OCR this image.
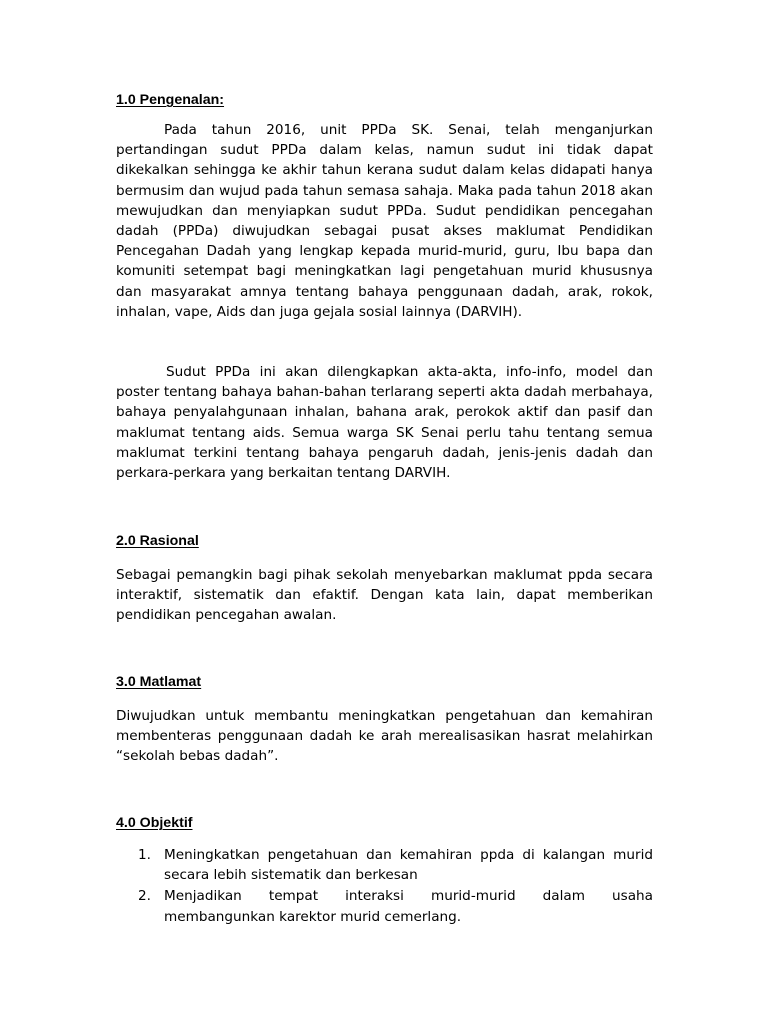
1.0 Pengenalan:

Pada tahun 2016, unit PPDa SK. Senai, telah menganjurkan pertandingan sudut PPDa dalam kelas, namun sudut ini tidak dapat dikekalkan sehingga ke akhir tahun kerana sudut dalam kelas didapati hanya bermusim dan wujud pada tahun semasa sahaja. Maka pada tahun 2018 akan mewujudkan dan menyiapkan sudut PPDa. Sudut pendidikan pencegahan dadah (PPDa) diwujudkan sebagai pusat akses maklumat Pendidikan Pencegahan Dadah yang lengkap kepada murid-murid, guru, Ibu bapa dan komuniti setempat bagi meningkatkan lagi pengetahuan murid khususnya dan masyarakat amnya tentang bahaya penggunaan dadah, arak, rokok, inhalan, vape, Aids dan juga gejala sosial lainnya (DARVIH).

Sudut PPDa ini akan dilengkapkan akta-akta, info-info, model dan poster tentang bahaya bahan-bahan terlarang seperti akta dadah merbahaya, bahaya penyalahgunaan inhalan, bahana arak, perokok aktif dan pasif dan maklumat tentang aids. Semua warga SK Senai perlu tahu tentang semua maklumat terkini tentang bahaya pengaruh dadah, jenis-jenis dadah dan perkara-perkara yang berkaitan tentang DARVIH.

2.0 Rasional

Sebagai pemangkin bagi pihak sekolah menyebarkan maklumat ppda secara interaktif, sistematik dan efaktif. Dengan kata lain, dapat memberikan pendidikan pencegahan awalan.

3.0 Matlamat

Diwujudkan untuk membantu meningkatkan pengetahuan dan kemahiran membenteras penggunaan dadah ke arah merealisasikan hasrat melahirkan “sekolah bebas dadah”.

4.0 Objektif
1. Meningkatkan pengetahuan dan kemahiran ppda di kalangan murid secara lebih sistematik dan berkesan
2. Menjadikan tempat interaksi murid-murid dalam usaha membangunkan karektor murid cemerlang.
